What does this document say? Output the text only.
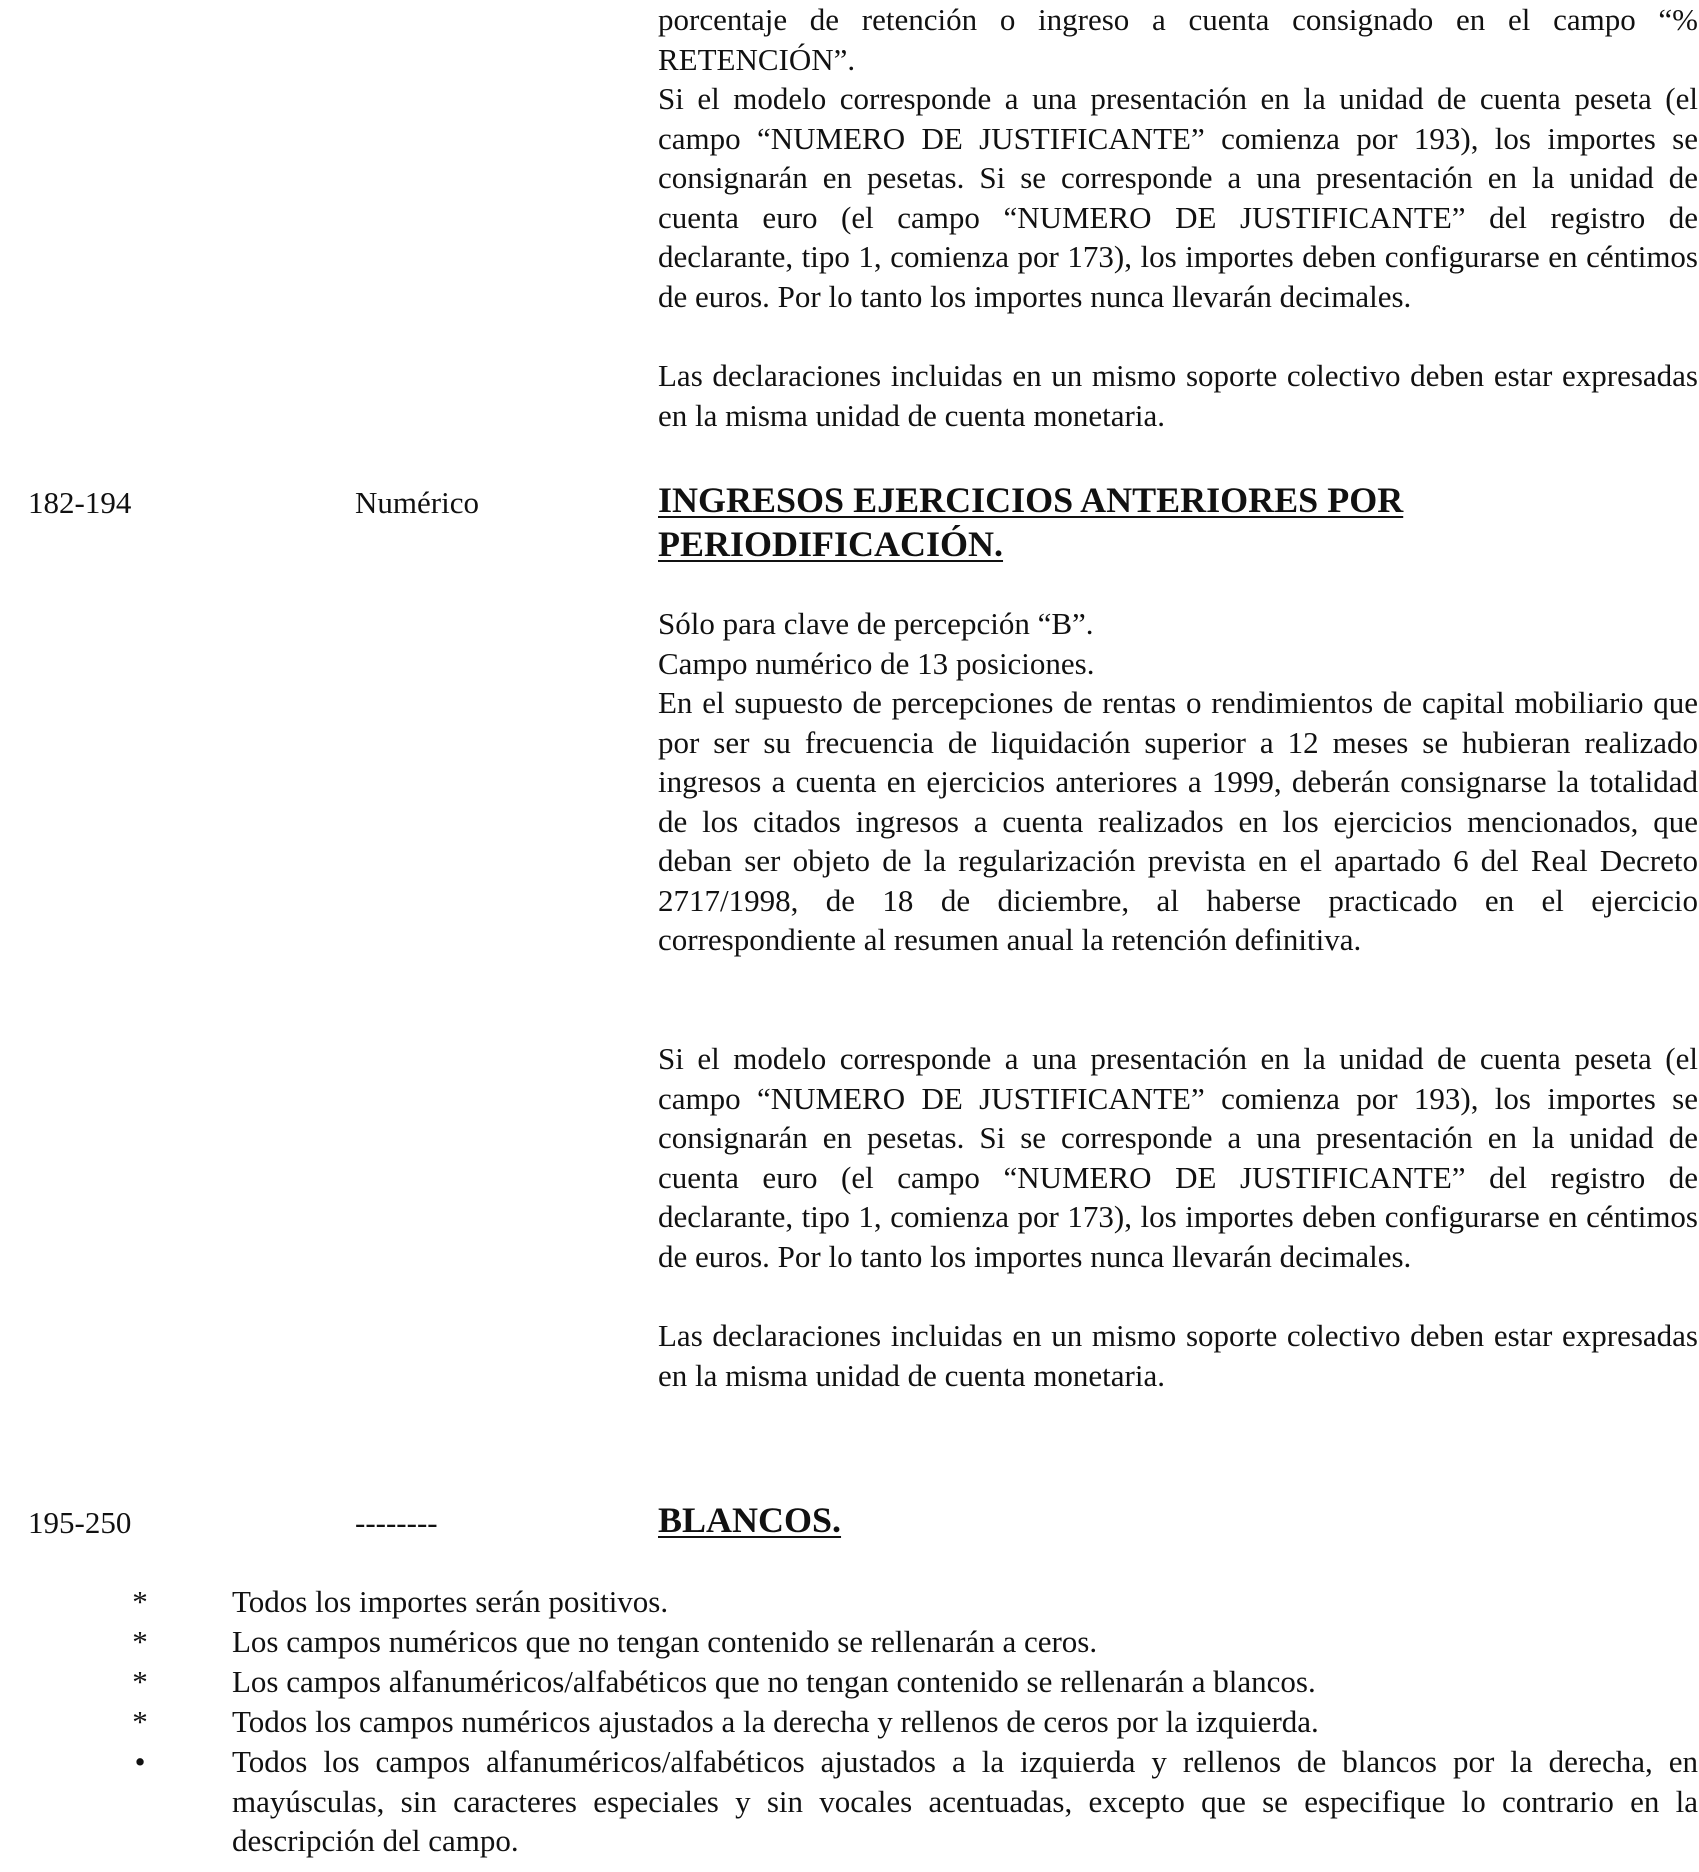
porcentaje de retención o ingreso a cuenta consignado en el campo “% RETENCIÓN”.

Si el modelo corresponde a una presentación en la unidad de cuenta peseta (el campo “NUMERO DE JUSTIFICANTE” comienza por 193), los importes se consignarán en pesetas. Si se corresponde a una presentación en la unidad de cuenta euro (el campo “NUMERO DE JUSTIFICANTE” del registro de declarante, tipo 1, comienza por 173), los importes deben configurarse en céntimos de euros. Por lo tanto los importes nunca llevarán decimales.

Las declaraciones incluidas en un mismo soporte colectivo deben estar expresadas en la misma unidad de cuenta monetaria.

182-194	Numérico	INGRESOS EJERCICIOS ANTERIORES POR PERIODIFICACIÓN.

Sólo para clave de percepción “B”.

Campo numérico de 13 posiciones.

En el supuesto de percepciones de rentas o rendimientos de capital mobiliario que por ser su frecuencia de liquidación superior a 12 meses se hubieran realizado ingresos a cuenta en ejercicios anteriores a 1999, deberán consignarse la totalidad de los citados ingresos a cuenta realizados en los ejercicios mencionados, que deban ser objeto de la regularización prevista en el apartado 6 del Real Decreto 2717/1998, de 18 de diciembre, al haberse practicado en el ejercicio correspondiente al resumen anual la retención definitiva.

Si el modelo corresponde a una presentación en la unidad de cuenta peseta (el campo “NUMERO DE JUSTIFICANTE” comienza por 193), los importes se consignarán en pesetas. Si se corresponde a una presentación en la unidad de cuenta euro (el campo “NUMERO DE JUSTIFICANTE” del registro de declarante, tipo 1, comienza por 173), los importes deben configurarse en céntimos de euros. Por lo tanto los importes nunca llevarán decimales.

Las declaraciones incluidas en un mismo soporte colectivo deben estar expresadas en la misma unidad de cuenta monetaria.

195-250	--------	BLANCOS.

*	Todos los importes serán positivos.

*	Los campos numéricos que no tengan contenido se rellenarán a ceros.

*	Los campos alfanuméricos/alfabéticos que no tengan contenido se rellenarán a blancos.

*	Todos los campos numéricos ajustados a la derecha y rellenos de ceros por la izquierda.

•	Todos los campos alfanuméricos/alfabéticos ajustados a la izquierda y rellenos de blancos por la derecha, en mayúsculas, sin caracteres especiales y sin vocales acentuadas, excepto que se especifique lo contrario en la descripción del campo.
